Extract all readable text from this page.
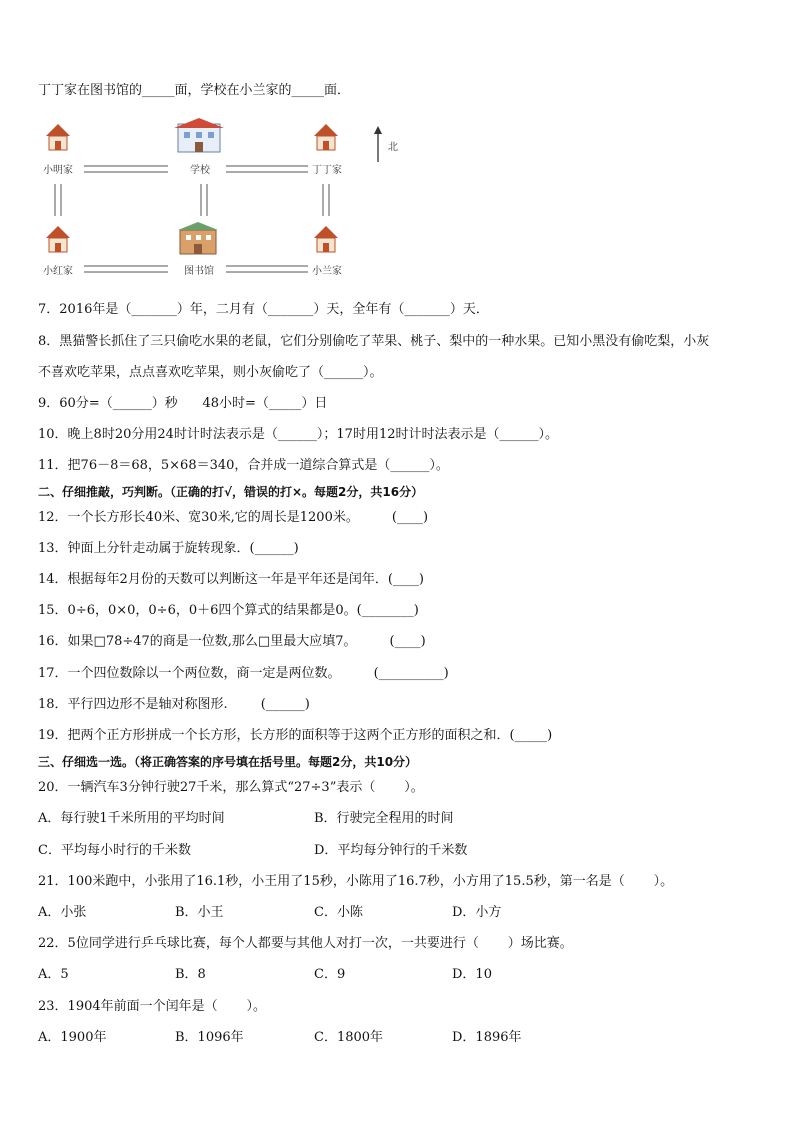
丁丁家在图书馆的_____面，学校在小兰家的_____面．
小明家	学校	丁丁家
北
小红家	图书馆	小兰家
7．2016年是（_______）年，二月有（_______）天，全年有（_______）天．
8．黑猫警长抓住了三只偷吃水果的老鼠，它们分别偷吃了苹果、桃子、梨中的一种水果。已知小黑没有偷吃梨，小灰
不喜欢吃苹果，点点喜欢吃苹果，则小灰偷吃了（______）。
9．60分=（______）秒      48小时=（_____）日
10．晚上8时20分用24时计时法表示是（______）；17时用12时计时法表示是（______）。
11．把76－8＝68，5×68＝340，合并成一道综合算式是（______）。
二、仔细推敲，巧判断。（正确的打√，错误的打×。每题2分，共16分）
12．一个长方形长40米、宽30米,它的周长是1200米。        (____)
13．钟面上分针走动属于旋转现象．(______)
14．根据每年2月份的天数可以判断这一年是平年还是闰年．(____)
15．0÷6，0×0，0÷6，0＋6四个算式的结果都是0。(________)
16．如果□78÷47的商是一位数,那么□里最大应填7。        (____)
17．一个四位数除以一个两位数，商一定是两位数。        (__________)
18．平行四边形不是轴对称图形.        (______)
19．把两个正方形拼成一个长方形，长方形的面积等于这两个正方形的面积之和．(_____)
三、仔细选一选。（将正确答案的序号填在括号里。每题2分，共10分）
20．一辆汽车3分钟行驶27千米，那么算式“27÷3”表示（       ）。
A．每行驶1千米所用的平均时间	B．行驶完全程用的时间
C．平均每小时行的千米数	D．平均每分钟行的千米数
21．100米跑中，小张用了16.1秒，小王用了15秒，小陈用了16.7秒，小方用了15.5秒，第一名是（       ）。
A．小张	B．小王	C．小陈	D．小方
22．5位同学进行乒乓球比赛，每个人都要与其他人对打一次，一共要进行（       ）场比赛。
A．5	B．8	C．9	D．10
23．1904年前面一个闰年是（       ）。
A．1900年	B．1096年	C．1800年	D．1896年
